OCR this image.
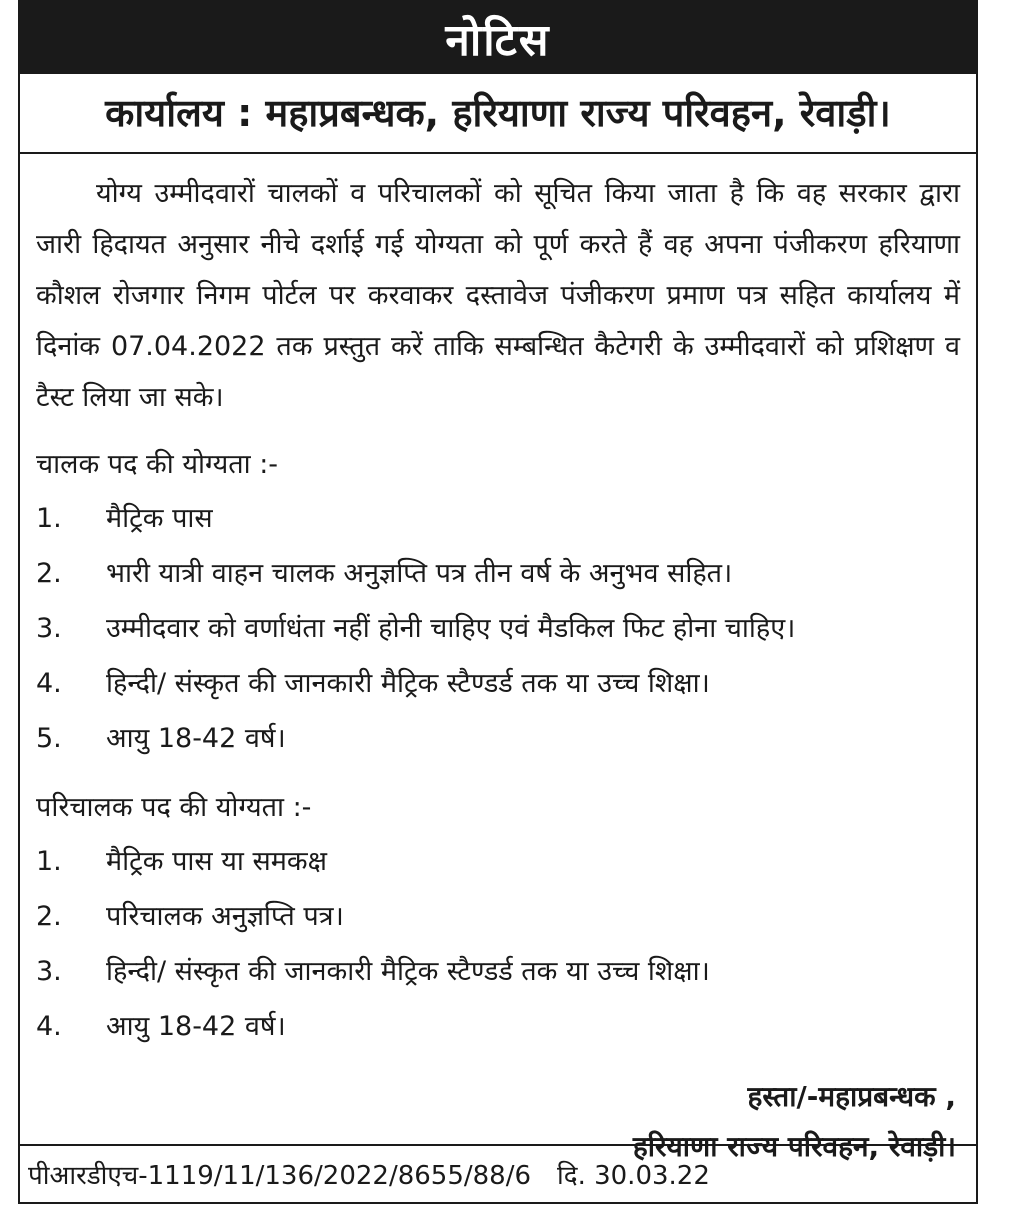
नोटिस
कार्यालय : महाप्रबन्धक, हरियाणा राज्य परिवहन, रेवाड़ी।

योग्य उम्मीदवारों चालकों व परिचालकों को सूचित किया जाता है कि वह सरकार द्वारा जारी हिदायत अनुसार नीचे दर्शाई गई योग्यता को पूर्ण करते हैं वह अपना पंजीकरण हरियाणा कौशल रोजगार निगम पोर्टल पर करवाकर दस्तावेज पंजीकरण प्रमाण पत्र सहित कार्यालय में दिनांक 07.04.2022 तक प्रस्तुत करें ताकि सम्बन्धित कैटेगरी के उम्मीदवारों को प्रशिक्षण व टैस्ट लिया जा सके।

चालक पद की योग्यता :-
1.	मैट्रिक पास
2.	भारी यात्री वाहन चालक अनुज्ञप्ति पत्र तीन वर्ष के अनुभव सहित।
3.	उम्मीदवार को वर्णाधंता नहीं होनी चाहिए एवं मैडकिल फिट होना चाहिए।
4.	हिन्दी/ संस्कृत की जानकारी मैट्रिक स्टैण्डर्ड तक या उच्च शिक्षा।
5.	आयु 18-42 वर्ष।
परिचालक पद की योग्यता :-
1.	मैट्रिक पास या समकक्ष
2.	परिचालक अनुज्ञप्ति पत्र।
3.	हिन्दी/ संस्कृत की जानकारी मैट्रिक स्टैण्डर्ड तक या उच्च शिक्षा।
4.	आयु 18-42 वर्ष।
हस्ता/-महाप्रबन्धक ,
हरियाणा राज्य परिवहन, रेवाड़ी।
पीआरडीएच-1119/11/136/2022/8655/88/6 दि. 30.03.22
